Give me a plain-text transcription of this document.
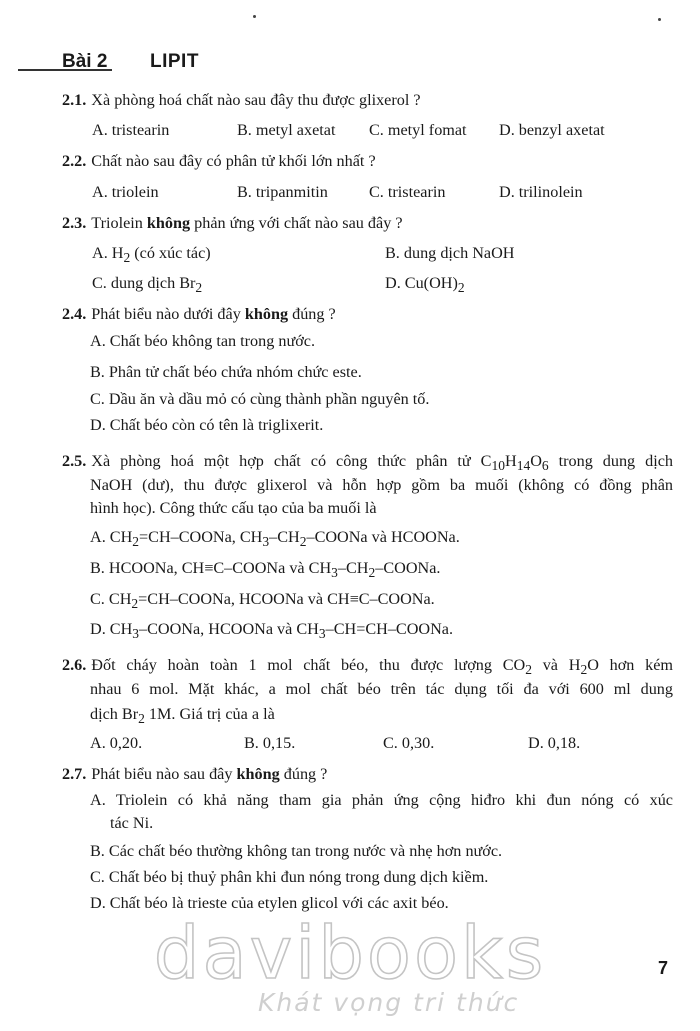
Bài 2 LIPIT
2.1. Xà phòng hoá chất nào sau đây thu được glixerol ?
A. tristearin	B. metyl axetat C. metyl fomat D. benzyl axetat
2.2. Chất nào sau đây có phân tử khối lớn nhất ?
A. triolein	B. tripanmitin	C. tristearin	D. trilinolein
2.3. Triolein không phản ứng với chất nào sau đây ?
A. $H_2$ (có xúc tác)	B. dung dịch NaOH
C. dung dịch $Br_2$	D. $Cu(OH)_2$
2.4. Phát biểu nào dưới đây không đúng ?
A. Chất béo không tan trong nước.
B. Phân tử chất béo chứa nhóm chức este.
C. Dầu ăn và dầu mỏ có cùng thành phần nguyên tố.
D. Chất béo còn có tên là triglixerit.
2.5. Xà phòng hoá một hợp chất có công thức phân tử $C_{10}H_{14}O_6$ trong dung dịch
NaOH (dư), thu được glixerol và hỗn hợp gồm ba muối (không có đồng phân
hình học). Công thức cấu tạo của ba muối là
A. $CH_2=CH$–COONa, $CH_3-CH_2$–COONa và HCOONa.
B. HCOONa, CH≡C–COONa và $CH_3-CH_2$–COONa.
C. $CH_2=CH$–COONa, HCOONa và CH≡C–COONa.
D. $CH_3$–COONa, HCOONa và $CH_3-CH=CH$–COONa.
2.6. Đốt cháy hoàn toàn 1 mol chất béo, thu được lượng $CO_2$ và $H_2O$ hơn kém
nhau 6 mol. Mặt khác, a mol chất béo trên tác dụng tối đa với 600 ml dung
dịch $Br_2$ 1M. Giá trị của a là
A. 0,20.	B. 0,15.	C. 0,30.	D. 0,18.
2.7. Phát biểu nào sau đây không đúng ?
A. Triolein có khả năng tham gia phản ứng cộng hiđro khi đun nóng có xúc
tác Ni.
B. Các chất béo thường không tan trong nước và nhẹ hơn nước.
C. Chất béo bị thuỷ phân khi đun nóng trong dung dịch kiềm.
D. Chất béo là trieste của etylen glicol với các axit béo.
davibooks
Khát vọng tri thức
7
